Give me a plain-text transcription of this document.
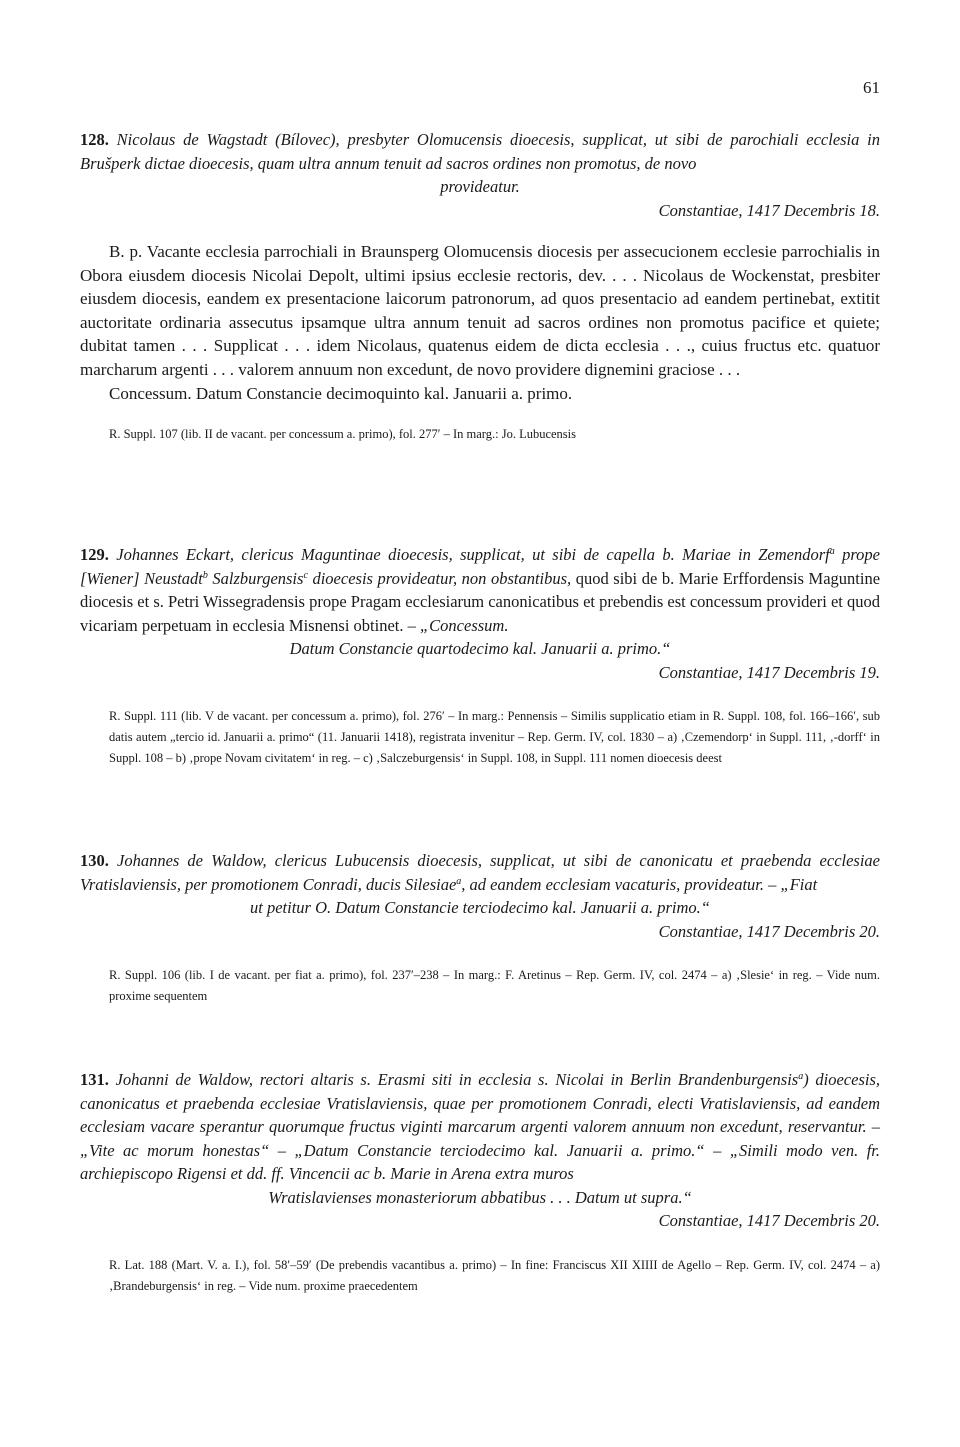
61
128. Nicolaus de Wagstadt (Bílovec), presbyter Olomucensis dioecesis, supplicat, ut sibi de parochiali ecclesia in Brušperk dictae dioecesis, quam ultra annum tenuit ad sacros ordines non promotus, de novo
provideatur.
Constantiae, 1417 Decembris 18.

B. p. Vacante ecclesia parrochiali in Braunsperg Olomucensis diocesis per assecucionem ecclesie parrochialis in Obora eiusdem diocesis Nicolai Depolt, ultimi ipsius ecclesie rectoris, dev. . . . Nicolaus de Wockenstat, presbiter eiusdem diocesis, eandem ex presentacione laicorum patronorum, ad quos presentacio ad eandem pertinebat, extitit auctoritate ordinaria assecutus ipsamque ultra annum tenuit ad sacros ordines non promotus pacifice et quiete; dubitat tamen . . . Supplicat . . . idem Nicolaus, quatenus eidem de dicta ecclesia . . ., cuius fructus etc. quatuor marcharum argenti . . . valorem annuum non excedunt, de novo providere dignemini graciose . . .

Concessum. Datum Constancie decimoquinto kal. Januarii a. primo.

R. Suppl. 107 (lib. II de vacant. per concessum a. primo), fol. 277′ – In marg.: Jo. Lubucensis
129. Johannes Eckart, clericus Maguntinae dioecesis, supplicat, ut sibi de capella b. Mariae in Zemendorf$^a$ prope [Wiener] Neustadt$^b$ Salzburgensis$^c$ dioecesis provideatur, non obstantibus, quod sibi de b. Marie Erffordensis Maguntine diocesis et s. Petri Wissegradensis prope Pragam ecclesiarum canonicatibus et prebendis est concessum provideri et quod vicariam perpetuam in ecclesia Misnensi obtinet. – „Concessum.
Datum Constancie quartodecimo kal. Januarii a. primo.“
Constantiae, 1417 Decembris 19.
R. Suppl. 111 (lib. V de vacant. per concessum a. primo), fol. 276′ – In marg.: Pennensis – Similis supplicatio etiam in R. Suppl. 108, fol. 166–166′, sub datis autem „tercio id. Januarii a. primo“ (11. Januarii 1418), registrata invenitur – Rep. Germ. IV, col. 1830 – a) ‚Czemendorp‘ in Suppl. 111, ‚-dorff‘ in Suppl. 108 – b) ‚prope Novam civitatem‘ in reg. – c) ‚Salczeburgensis‘ in Suppl. 108, in Suppl. 111 nomen dioecesis deest
130. Johannes de Waldow, clericus Lubucensis dioecesis, supplicat, ut sibi de canonicatu et praebenda ecclesiae Vratislaviensis, per promotionem Conradi, ducis Silesiae$^a$, ad eandem ecclesiam vacaturis, provideatur. – „Fiat
ut petitur O. Datum Constancie terciodecimo kal. Januarii a. primo.“
Constantiae, 1417 Decembris 20.
R. Suppl. 106 (lib. I de vacant. per fiat a. primo), fol. 237′–238 – In marg.: F. Aretinus – Rep. Germ. IV, col. 2474 – a) ‚Slesie‘ in reg. – Vide num. proxime sequentem
131. Johanni de Waldow, rectori altaris s. Erasmi siti in ecclesia s. Nicolai in Berlin Brandenburgensis$^a$) dioecesis, canonicatus et praebenda ecclesiae Vratislaviensis, quae per promotionem Conradi, electi Vratislaviensis, ad eandem ecclesiam vacare sperantur quorumque fructus viginti marcarum argenti valorem annuum non excedunt, reservantur. – „Vite ac morum honestas“ – „Datum Constancie terciodecimo kal. Januarii a. primo.“ – „Simili modo ven. fr. archiepiscopo Rigensi et dd. ff. Vincencii ac b. Marie in Arena extra muros
Wratislavienses monasteriorum abbatibus . . . Datum ut supra.“
Constantiae, 1417 Decembris 20.
R. Lat. 188 (Mart. V. a. I.), fol. 58′–59′ (De prebendis vacantibus a. primo) – In fine: Franciscus XII XIIII de Agello – Rep. Germ. IV, col. 2474 – a) ‚Brandeburgensis‘ in reg. – Vide num. proxime praecedentem
